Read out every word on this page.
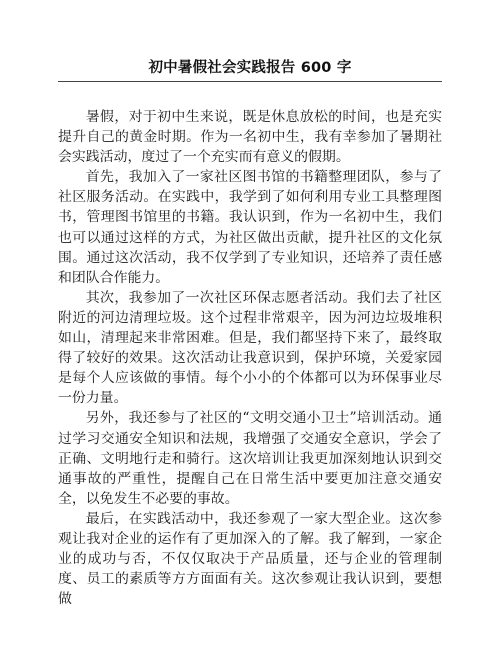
初中暑假社会实践报告 600 字

暑假，对于初中生来说，既是休息放松的时间，也是充实提升自己的黄金时期。作为一名初中生，我有幸参加了暑期社会实践活动，度过了一个充实而有意义的假期。

首先，我加入了一家社区图书馆的书籍整理团队，参与了社区服务活动。在实践中，我学到了如何利用专业工具整理图书，管理图书馆里的书籍。我认识到，作为一名初中生，我们也可以通过这样的方式，为社区做出贡献，提升社区的文化氛围。通过这次活动，我不仅学到了专业知识，还培养了责任感和团队合作能力。

其次，我参加了一次社区环保志愿者活动。我们去了社区附近的河边清理垃圾。这个过程非常艰辛，因为河边垃圾堆积如山，清理起来非常困难。但是，我们都坚持下来了，最终取得了较好的效果。这次活动让我意识到，保护环境，关爱家园是每个人应该做的事情。每个小小的个体都可以为环保事业尽一份力量。

另外，我还参与了社区的“文明交通小卫士”培训活动。通过学习交通安全知识和法规，我增强了交通安全意识，学会了正确、文明地行走和骑行。这次培训让我更加深刻地认识到交通事故的严重性，提醒自己在日常生活中要更加注意交通安全，以免发生不必要的事故。

最后，在实践活动中，我还参观了一家大型企业。这次参观让我对企业的运作有了更加深入的了解。我了解到，一家企业的成功与否，不仅仅取决于产品质量，还与企业的管理制度、员工的素质等方方面面有关。这次参观让我认识到，要想做
